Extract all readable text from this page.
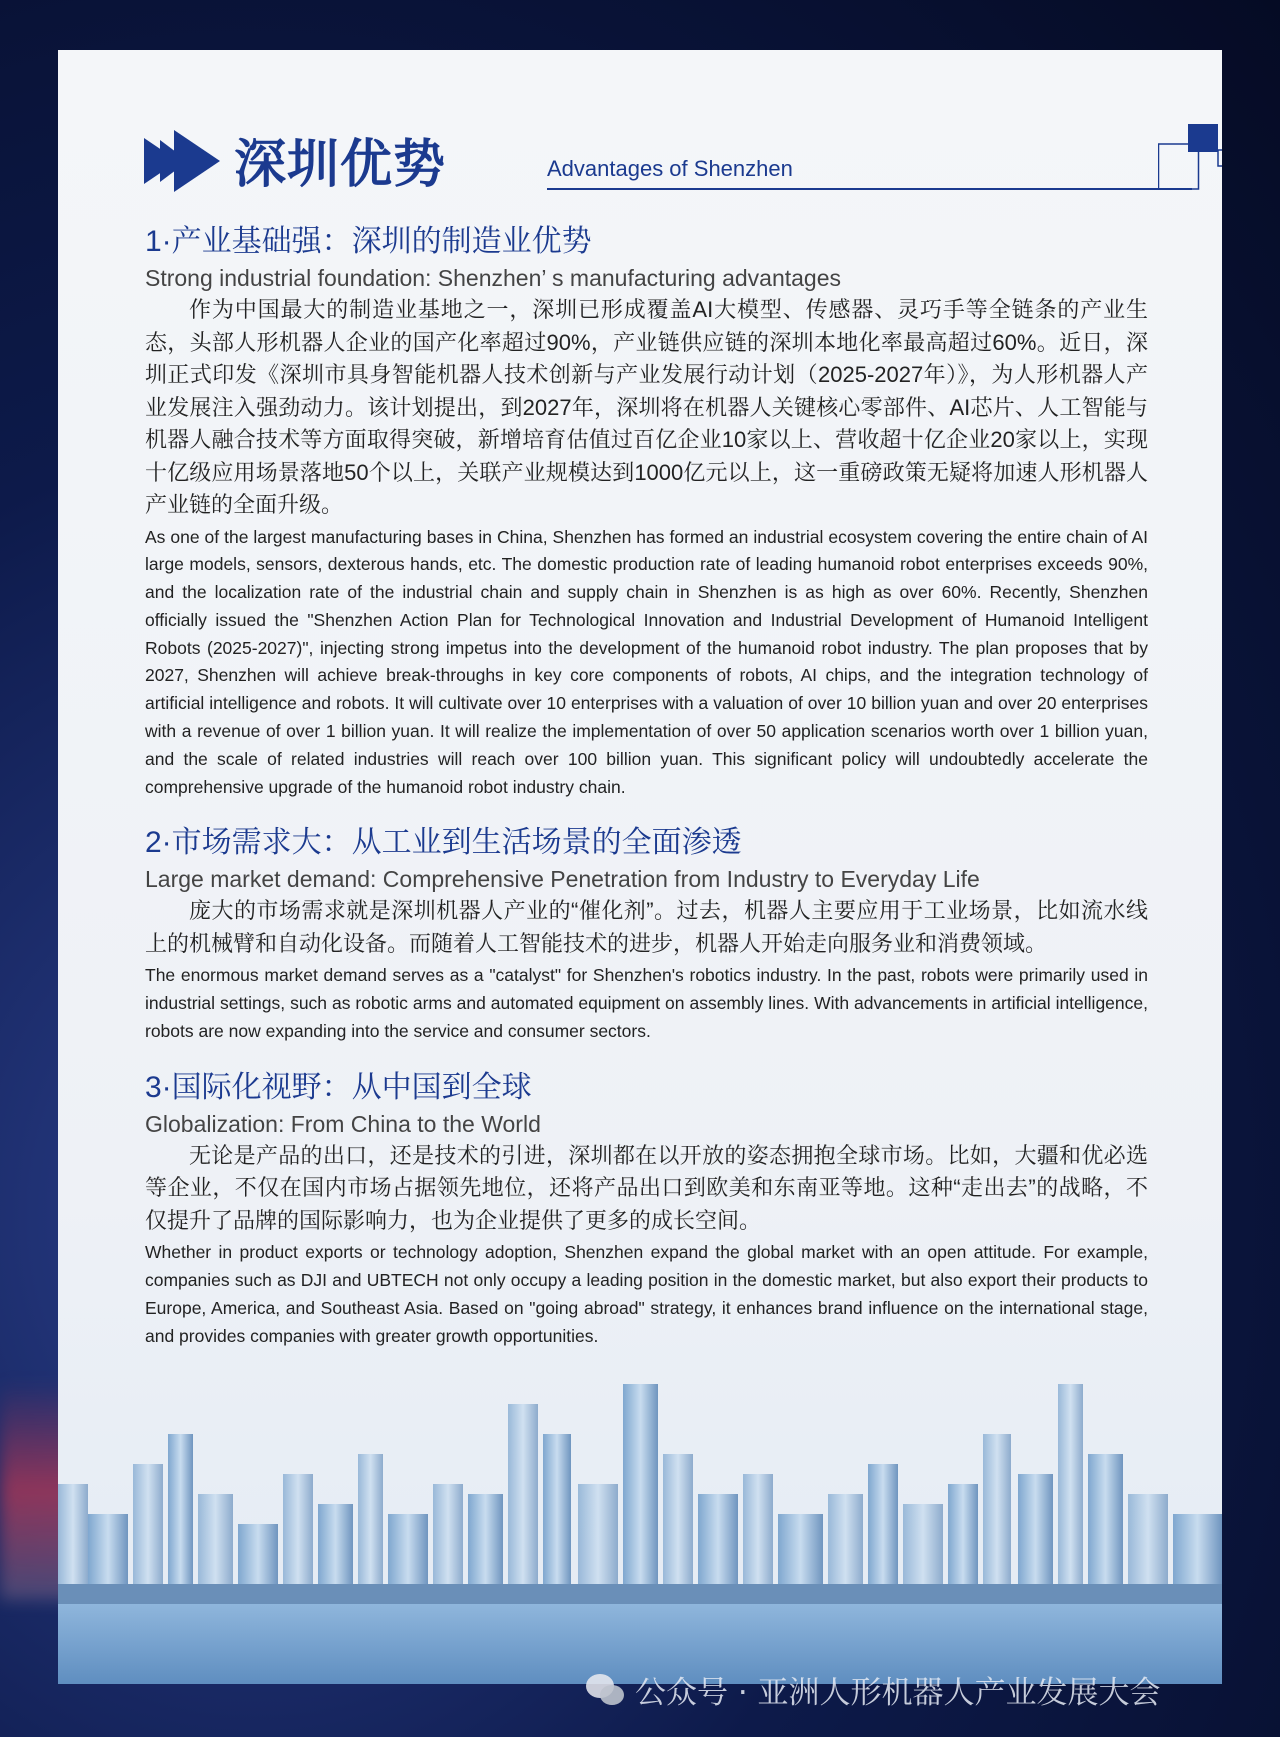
深圳优势	Advantages of Shenzhen
1·产业基础强：深圳的制造业优势
Strong industrial foundation: Shenzhen’ s manufacturing advantages

作为中国最大的制造业基地之一，深圳已形成覆盖AI大模型、传感器、灵巧手等全链条的产业生态，头部人形机器人企业的国产化率超过90%，产业链供应链的深圳本地化率最高超过60%。近日，深圳正式印发《深圳市具身智能机器人技术创新与产业发展行动计划（2025-2027年）》，为人形机器人产业发展注入强劲动力。该计划提出，到2027年，深圳将在机器人关键核心零部件、AI芯片、人工智能与机器人融合技术等方面取得突破，新增培育估值过百亿企业10家以上、营收超十亿企业20家以上，实现十亿级应用场景落地50个以上，关联产业规模达到1000亿元以上，这一重磅政策无疑将加速人形机器人产业链的全面升级。

As one of the largest manufacturing bases in China, Shenzhen has formed an industrial ecosystem covering the entire chain of AI large models, sensors, dexterous hands, etc. The domestic production rate of leading humanoid robot enterprises exceeds 90%, and the localization rate of the industrial chain and supply chain in Shenzhen is as high as over 60%. Recently, Shenzhen officially issued the "Shenzhen Action Plan for Technological Innovation and Industrial Development of Humanoid Intelligent Robots (2025-2027)", injecting strong impetus into the development of the humanoid robot industry. The plan proposes that by 2027, Shenzhen will achieve break-throughs in key core components of robots, AI chips, and the integration technology of artificial intelligence and robots. It will cultivate over 10 enterprises with a valuation of over 10 billion yuan and over 20 enterprises with a revenue of over 1 billion yuan. It will realize the implementation of over 50 application scenarios worth over 1 billion yuan, and the scale of related industries will reach over 100 billion yuan. This significant policy will undoubtedly accelerate the comprehensive upgrade of the humanoid robot industry chain.

2·市场需求大：从工业到生活场景的全面渗透
Large market demand: Comprehensive Penetration from Industry to Everyday Life

庞大的市场需求就是深圳机器人产业的“催化剂”。过去，机器人主要应用于工业场景，比如流水线上的机械臂和自动化设备。而随着人工智能技术的进步，机器人开始走向服务业和消费领域。

The enormous market demand serves as a "catalyst" for Shenzhen's robotics industry. In the past, robots were primarily used in industrial settings, such as robotic arms and automated equipment on assembly lines. With advancements in artificial intelligence, robots are now expanding into the service and consumer sectors.

3·国际化视野：从中国到全球
Globalization: From China to the World

无论是产品的出口，还是技术的引进，深圳都在以开放的姿态拥抱全球市场。比如，大疆和优必选等企业，不仅在国内市场占据领先地位，还将产品出口到欧美和东南亚等地。这种“走出去”的战略，不仅提升了品牌的国际影响力，也为企业提供了更多的成长空间。

Whether in product exports or technology adoption, Shenzhen expand the global market with an open attitude. For example, companies such as DJI and UBTECH not only occupy a leading position in the domestic market, but also export their products to Europe, America, and Southeast Asia. Based on "going abroad" strategy, it enhances brand influence on the international stage, and provides companies with greater growth opportunities.

公众号 · 亚洲人形机器人产业发展大会
